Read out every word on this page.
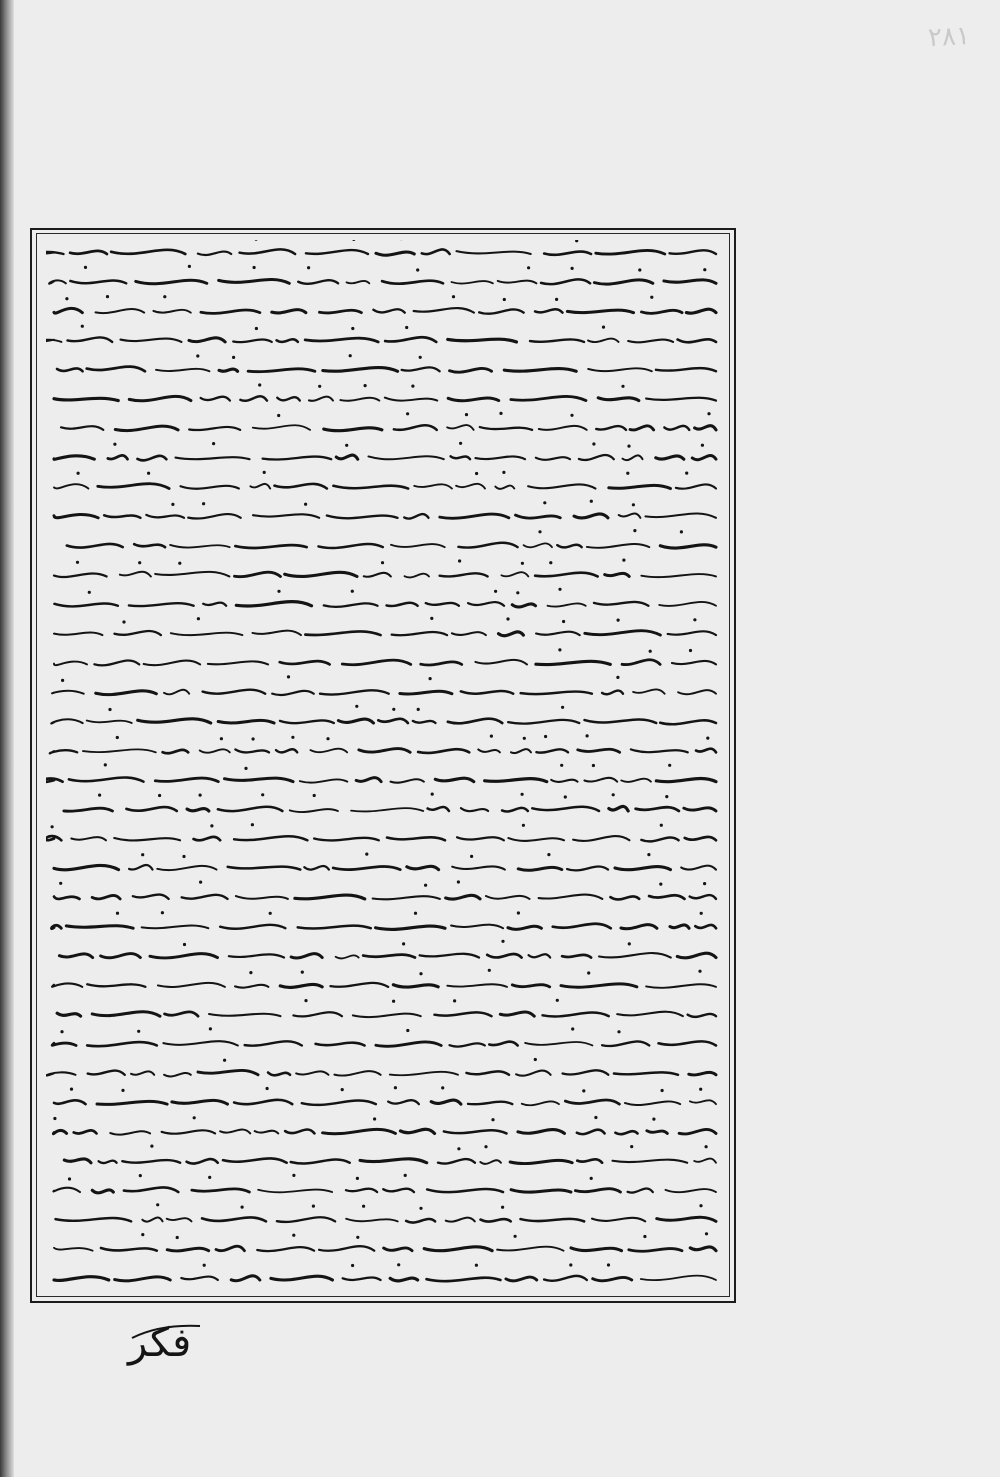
٢٨١
فكر
